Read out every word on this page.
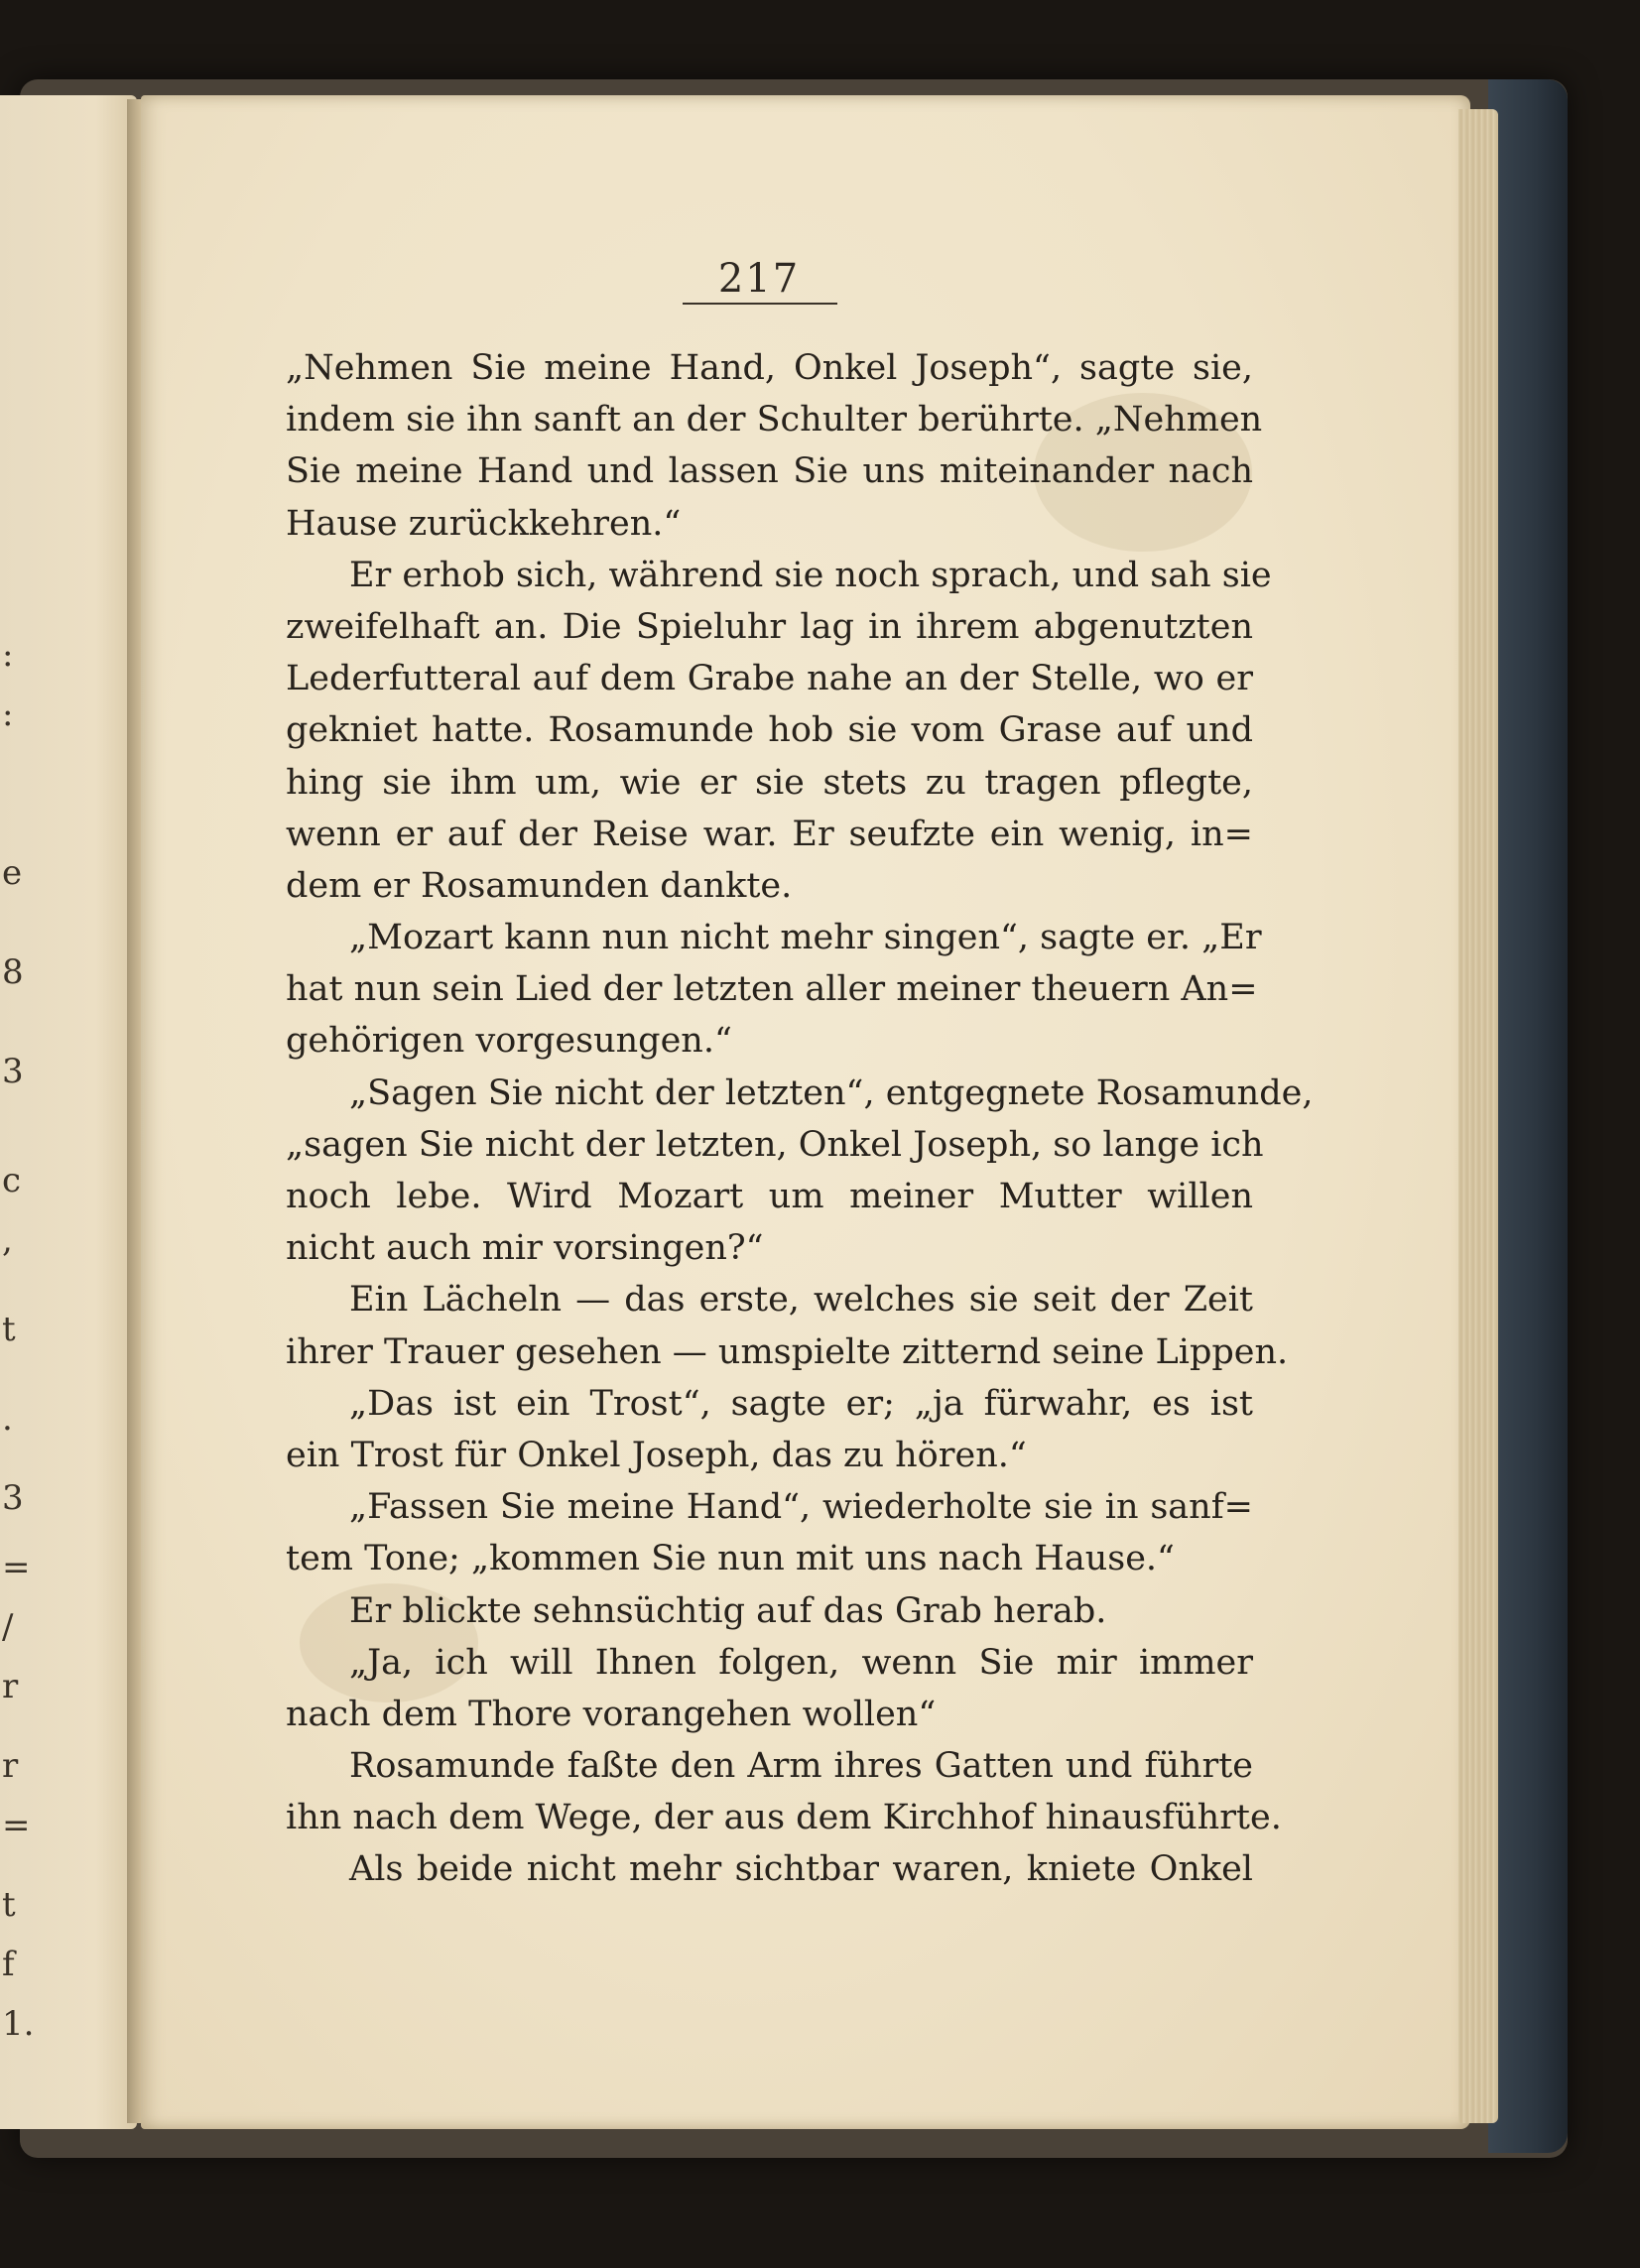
:
:
e
8
3
c
,
t
.
3
=
/
r
r
=
t
f
1.
217
„Nehmen Sie meine Hand, Onkel Joseph“, sagte sie,
indem sie ihn sanft an der Schulter berührte. „Nehmen
Sie meine Hand und lassen Sie uns miteinander nach
Hause zurückkehren.“
Er erhob sich, während sie noch sprach, und sah sie
zweifelhaft an. Die Spieluhr lag in ihrem abgenutzten
Lederfutteral auf dem Grabe nahe an der Stelle, wo er
gekniet hatte. Rosamunde hob sie vom Grase auf und
hing sie ihm um, wie er sie stets zu tragen pflegte,
wenn er auf der Reise war. Er seufzte ein wenig, in=
dem er Rosamunden dankte.
„Mozart kann nun nicht mehr singen“, sagte er. „Er
hat nun sein Lied der letzten aller meiner theuern An=
gehörigen vorgesungen.“
„Sagen Sie nicht der letzten“, entgegnete Rosamunde,
„sagen Sie nicht der letzten, Onkel Joseph, so lange ich
noch lebe. Wird Mozart um meiner Mutter willen
nicht auch mir vorsingen?“
Ein Lächeln — das erste, welches sie seit der Zeit
ihrer Trauer gesehen — umspielte zitternd seine Lippen.
„Das ist ein Trost“, sagte er; „ja fürwahr, es ist
ein Trost für Onkel Joseph, das zu hören.“
„Fassen Sie meine Hand“, wiederholte sie in sanf=
tem Tone; „kommen Sie nun mit uns nach Hause.“
Er blickte sehnsüchtig auf das Grab herab.
„Ja, ich will Ihnen folgen, wenn Sie mir immer
nach dem Thore vorangehen wollen“
Rosamunde faßte den Arm ihres Gatten und führte
ihn nach dem Wege, der aus dem Kirchhof hinausführte.
Als beide nicht mehr sichtbar waren, kniete Onkel
